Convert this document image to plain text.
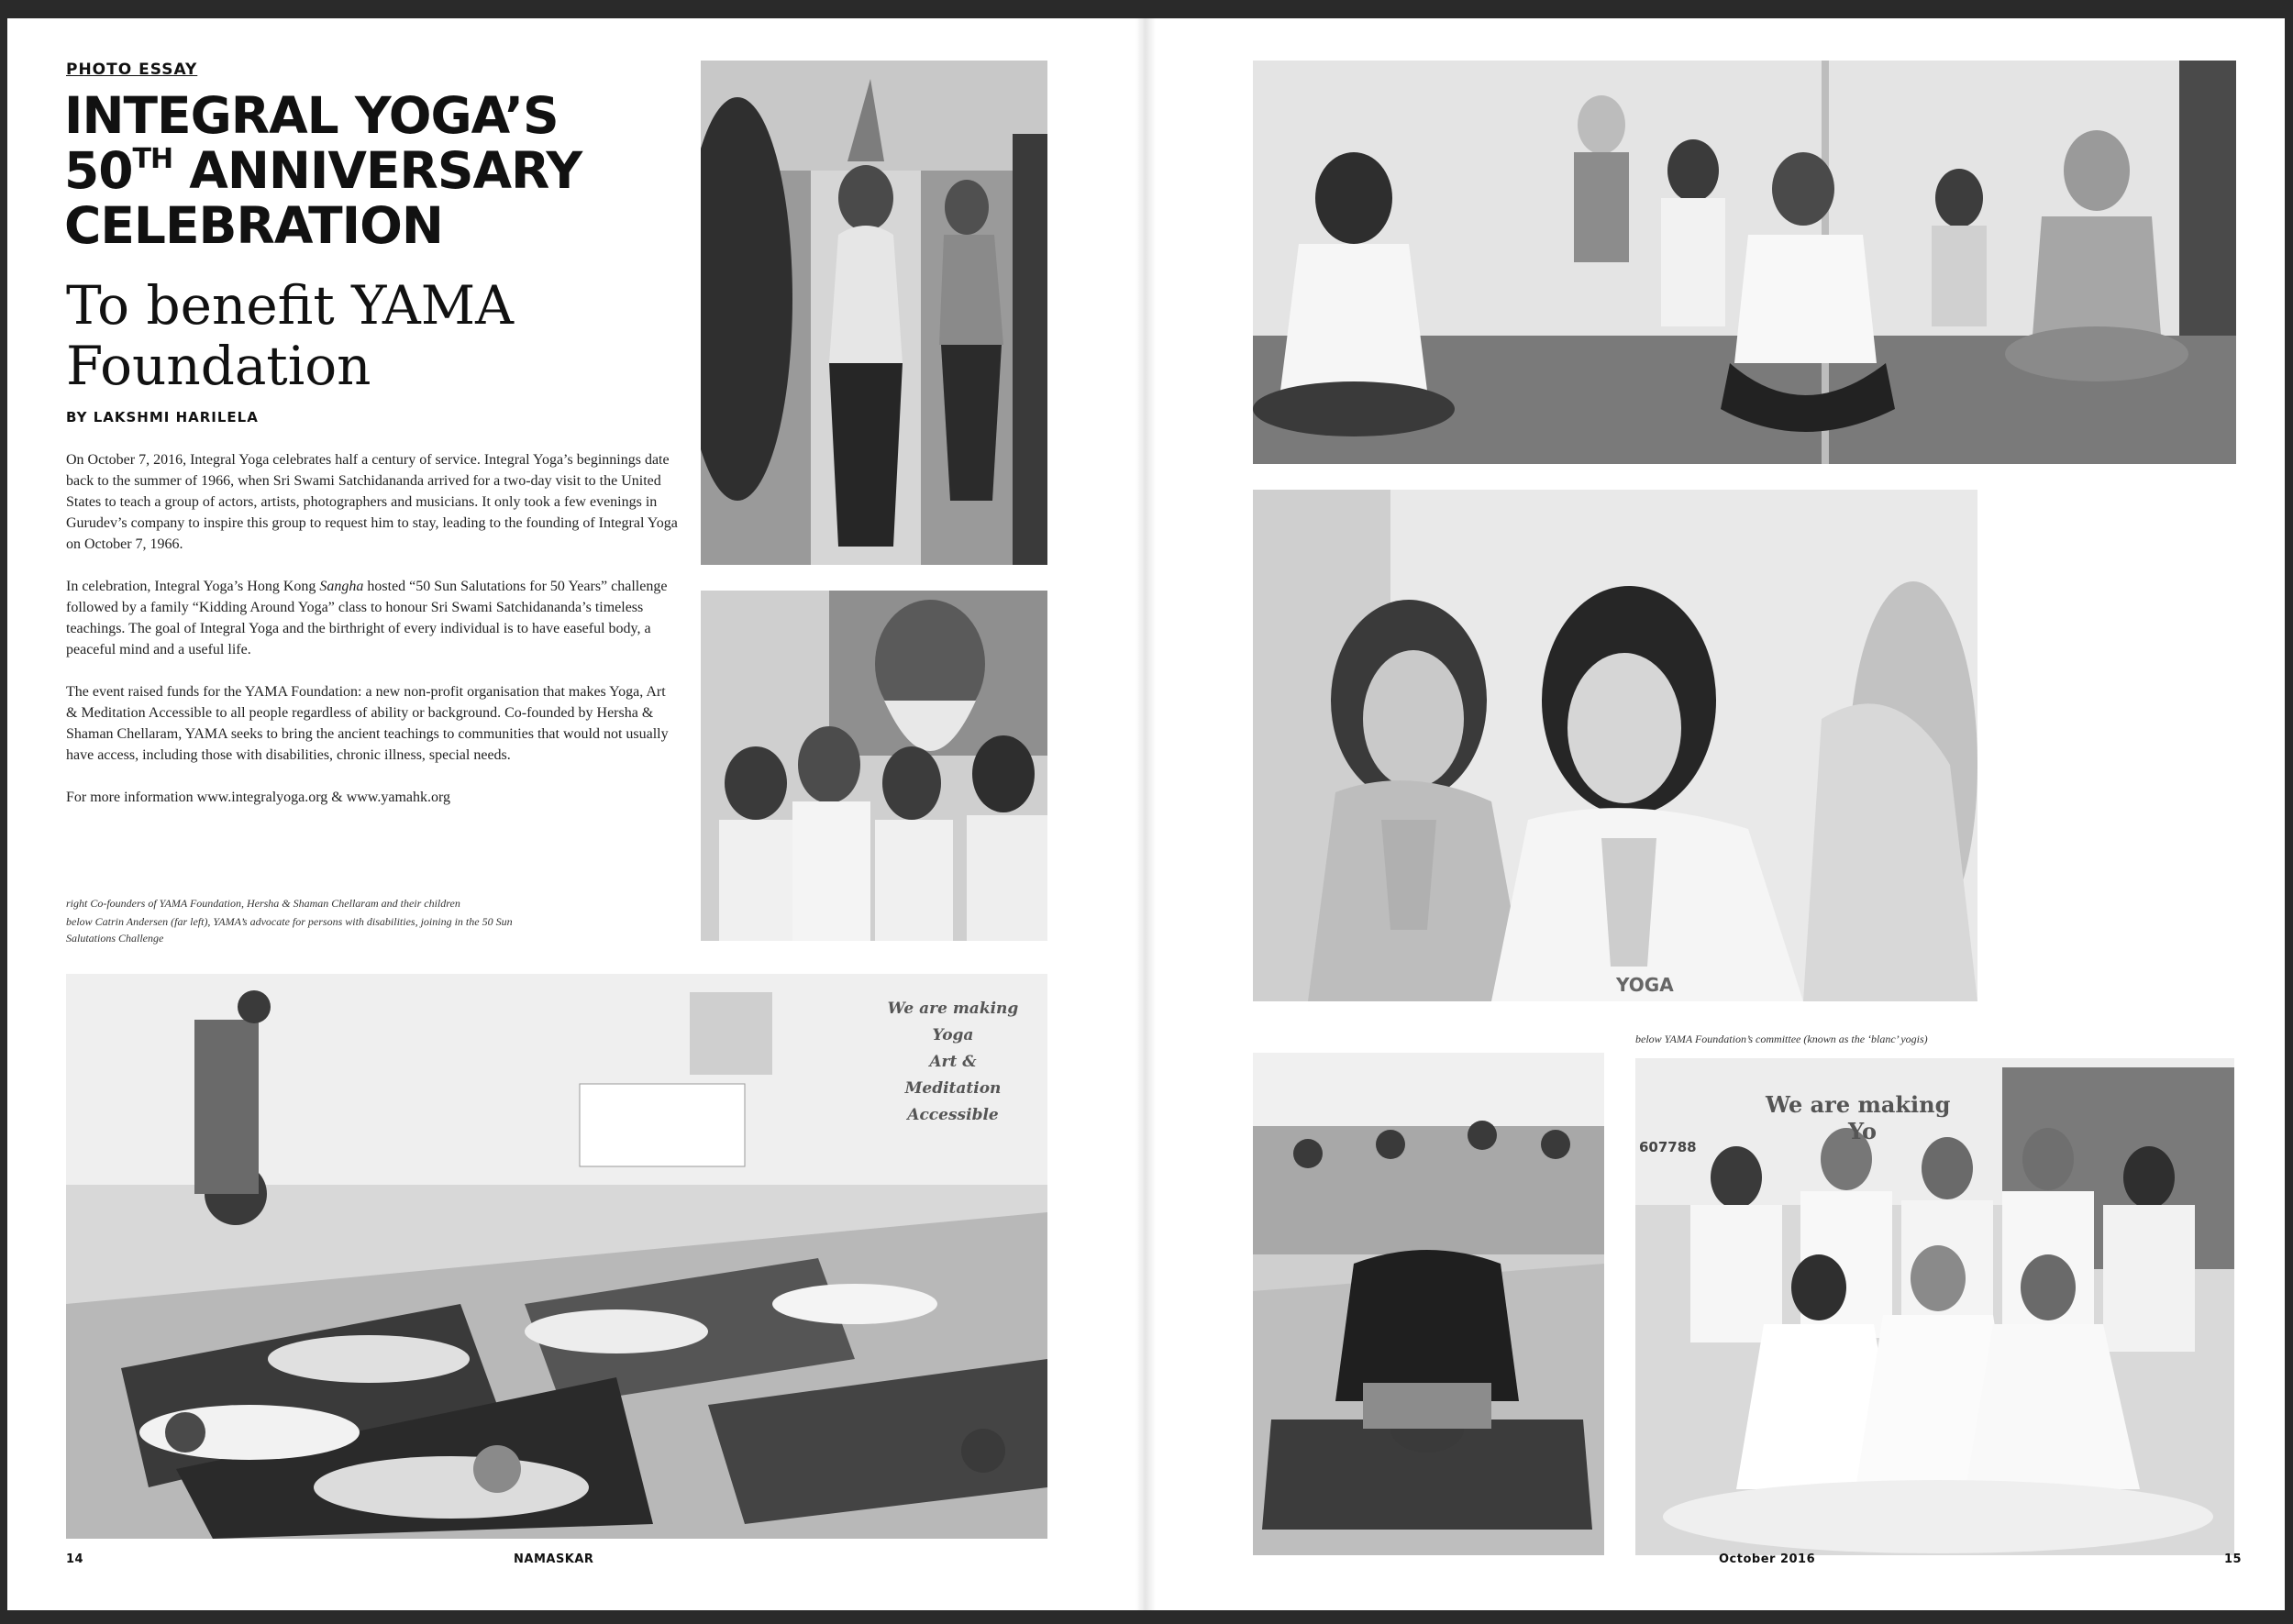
PHOTO ESSAY
INTEGRAL YOGA’S
50TH ANNIVERSARY
CELEBRATION
To benefit YAMA
Foundation
BY LAKSHMI HARILELA

On October 7, 2016, Integral Yoga celebrates half a century of service. Integral Yoga’s beginnings date back to the summer of 1966, when Sri Swami Satchidananda arrived for a two-day visit to the United States to teach a group of actors, artists, photographers and musicians. It only took a few evenings in Gurudev’s company to inspire this group to request him to stay, leading to the founding of Integral Yoga on October 7, 1966.

In celebration, Integral Yoga’s Hong Kong Sangha hosted “50 Sun Salutations for 50 Years” challenge followed by a family “Kidding Around Yoga” class to honour Sri Swami Satchidananda’s timeless teachings. The goal of Integral Yoga and the birthright of every individual is to have easeful body, a peaceful mind and a useful life.

The event raised funds for the YAMA Foundation: a new non-profit organisation that makes Yoga, Art & Meditation Accessible to all people regardless of ability or background. Co-founded by Hersha & Shaman Chellaram, YAMA seeks to bring the ancient teachings to communities that would not usually have access, including those with disabilities, chronic illness, special needs.

For more information www.integralyoga.org & www.yamahk.org

right Co-founders of YAMA Foundation, Hersha & Shaman Chellaram and their children
below Catrin Andersen (far left), YAMA’s advocate for persons with disabilities, joining in the 50 Sun
Salutations Challenge
We are making
Yoga
Art &
Meditation
Accessible
14	NAMASKAR
YOGA
below YAMA Foundation’s committee (known as the ‘blanc’ yogis)
We are making
Yo
607788
October 2016	15
